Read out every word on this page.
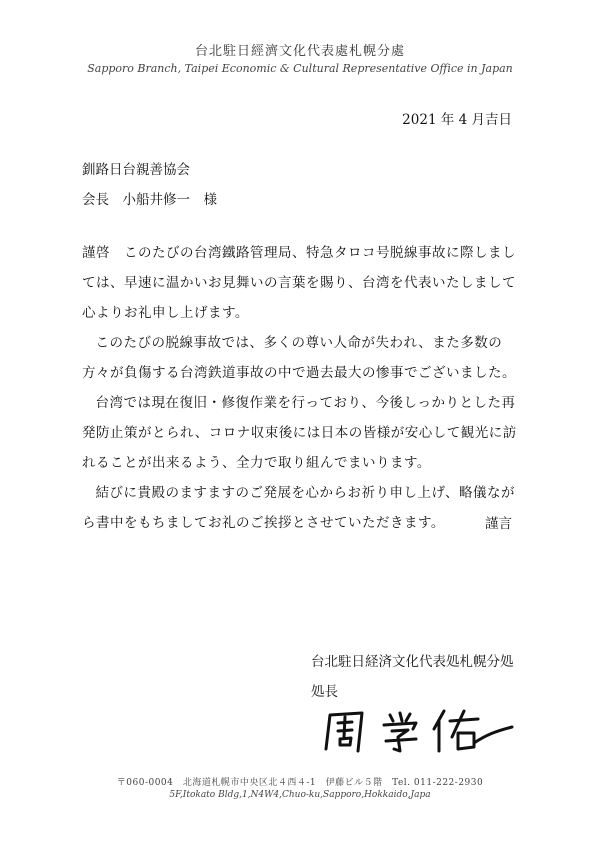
台北駐日經濟文化代表處札幌分處
Sapporo Branch, Taipei Economic & Cultural Representative Office in Japan
2021 年 4 月吉日
釧路日台親善協会
会長　小船井修一　様

謹啓　このたびの台湾鐵路管理局、特急タロコ号脱線事故に際しましては、早速に温かいお見舞いの言葉を賜り、台湾を代表いたしまして心よりお礼申し上げます。

このたびの脱線事故では、多くの尊い人命が失われ、また多数の方々が負傷する台湾鉄道事故の中で過去最大の惨事でございました。

台湾では現在復旧・修復作業を行っており、今後しっかりとした再発防止策がとられ、コロナ収束後には日本の皆様が安心して観光に訪れることが出来るよう、全力で取り組んでまいります。

結びに貴殿のますますのご発展を心からお祈り申し上げ、略儀ながら書中をもちましてお礼のご挨拶とさせていただきます。	謹言
台北駐日経済文化代表処札幌分処
処長
〒060-0004　北海道札幌市中央区北４西４-1　伊藤ビル５階　Tel. 011-222-2930
5F,Itokato Bldg,1,N4W4,Chuo-ku,Sapporo,Hokkaido,Japa
